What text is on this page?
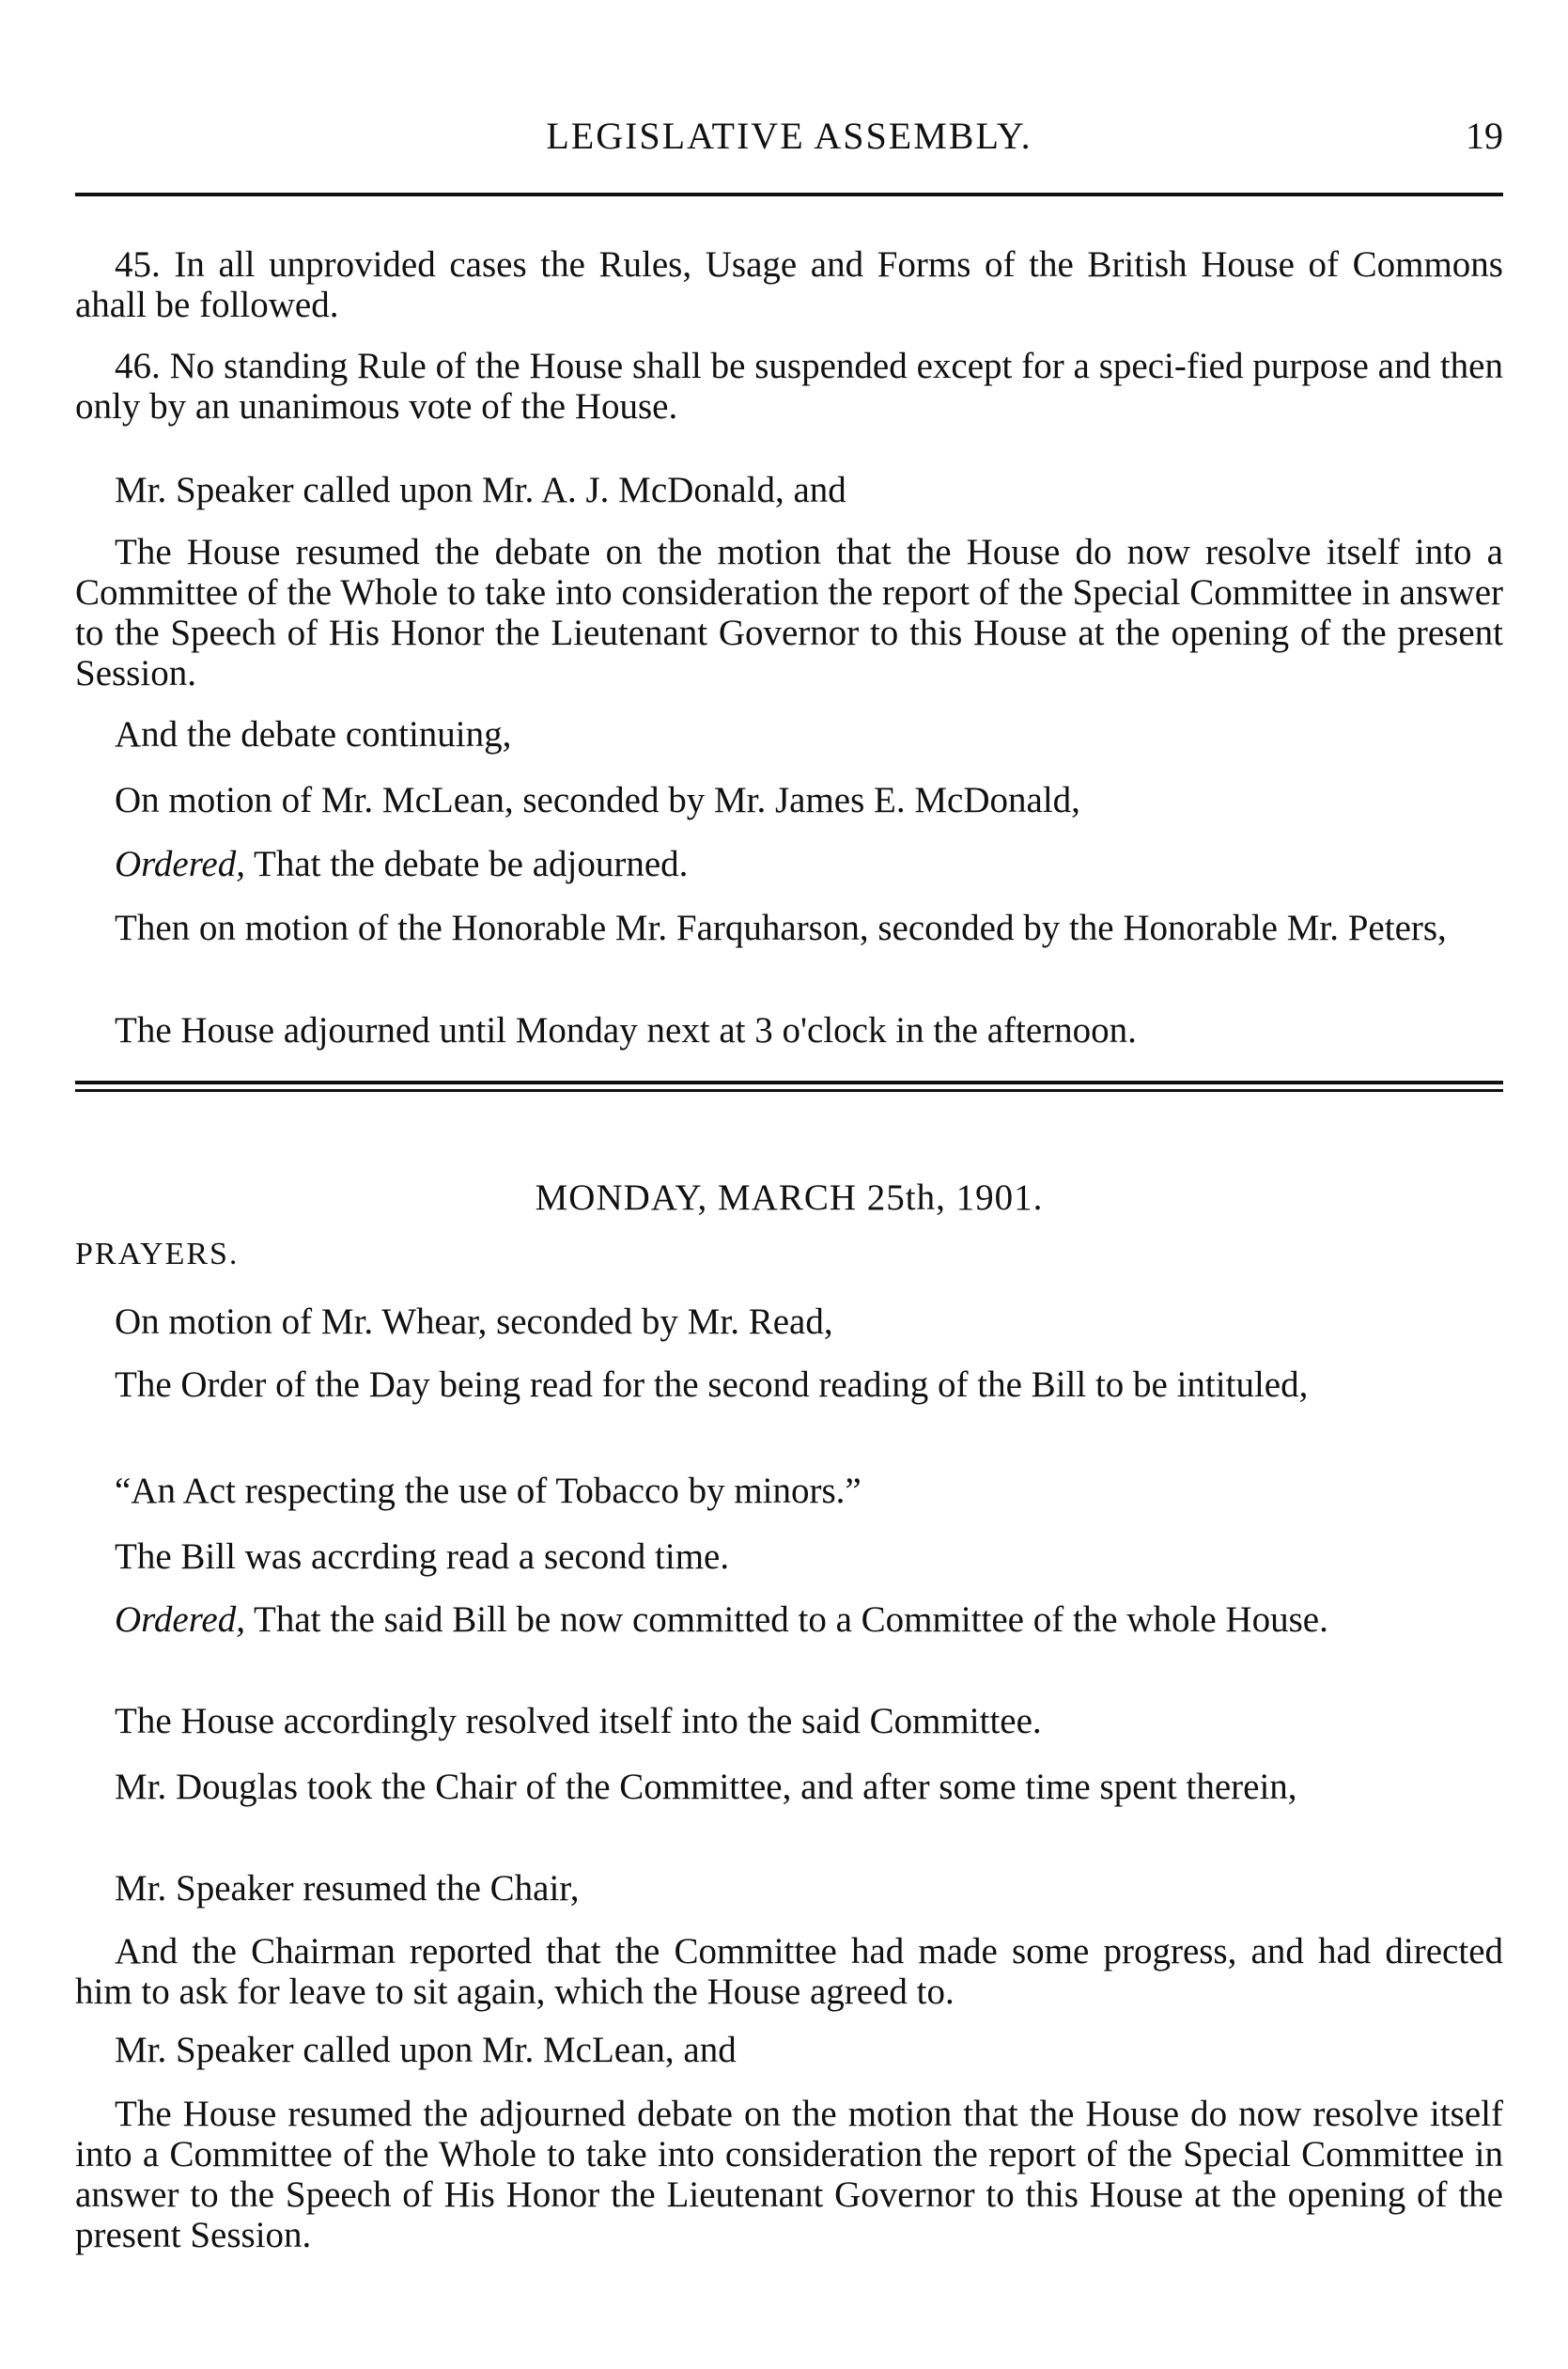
LEGISLATIVE ASSEMBLY.	19

45. In all unprovided cases the Rules, Usage and Forms of the British House of Commons ahall be followed.

46. No standing Rule of the House shall be suspended except for a speci-fied purpose and then only by an unanimous vote of the House.

Mr. Speaker called upon Mr. A. J. McDonald, and

The House resumed the debate on the motion that the House do now resolve itself into a Committee of the Whole to take into consideration the report of the Special Committee in answer to the Speech of His Honor the Lieutenant Governor to this House at the opening of the present Session.

And the debate continuing,

On motion of Mr. McLean, seconded by Mr. James E. McDonald,

Ordered, That the debate be adjourned.

Then on motion of the Honorable Mr. Farquharson, seconded by the Honorable Mr. Peters,

The House adjourned until Monday next at 3 o'clock in the afternoon.

MONDAY, MARCH 25th, 1901.
PRAYERS.

On motion of Mr. Whear, seconded by Mr. Read,

The Order of the Day being read for the second reading of the Bill to be intituled,

“An Act respecting the use of Tobacco by minors.”

The Bill was accrding read a second time.

Ordered, That the said Bill be now committed to a Committee of the whole House.

The House accordingly resolved itself into the said Committee.

Mr. Douglas took the Chair of the Committee, and after some time spent therein,

Mr. Speaker resumed the Chair,

And the Chairman reported that the Committee had made some progress, and had directed him to ask for leave to sit again, which the House agreed to.

Mr. Speaker called upon Mr. McLean, and

The House resumed the adjourned debate on the motion that the House do now resolve itself into a Committee of the Whole to take into consideration the report of the Special Committee in answer to the Speech of His Honor the Lieutenant Governor to this House at the opening of the present Session.
